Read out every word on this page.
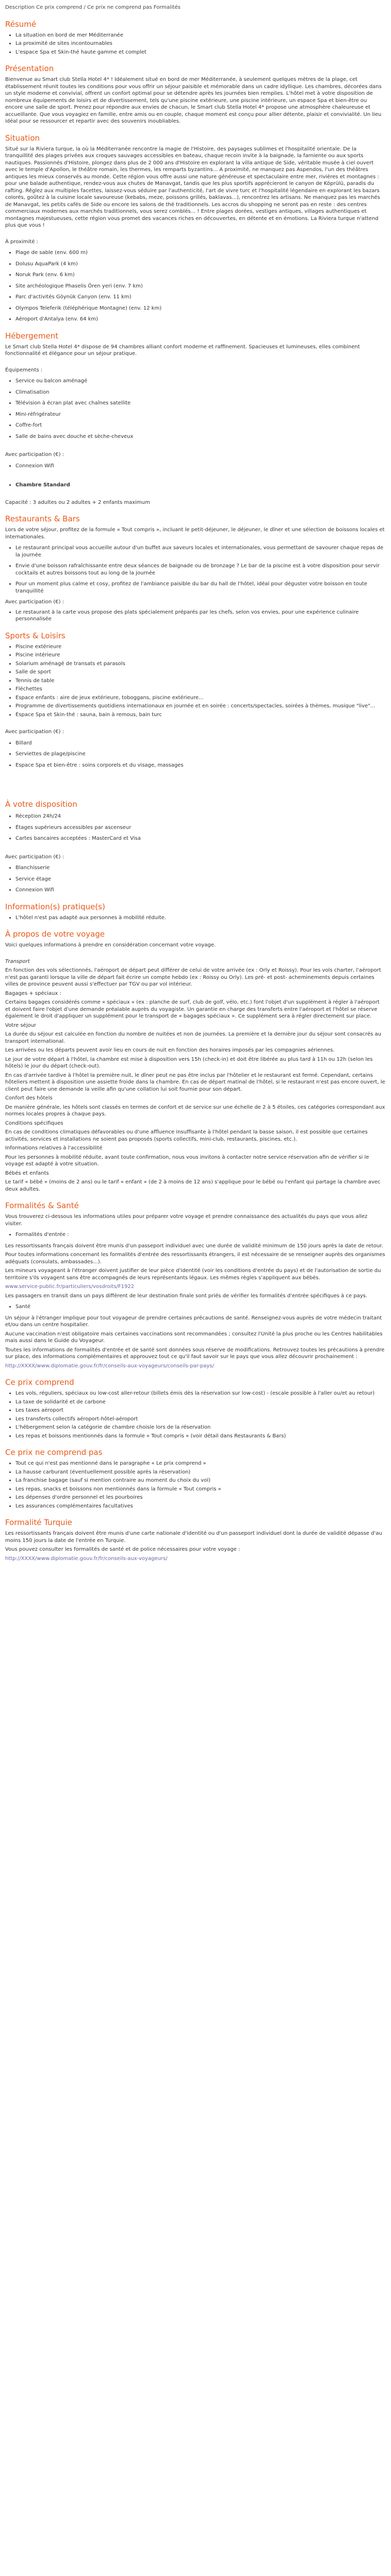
Description Ce prix comprend / Ce prix ne comprend pas Formalités

Résumé
• La situation en bord de mer Méditerranée
• La proximité de sites incontournables
• L'espace Spa et Skin-thé haute gamme et complet
Présentation

Bienvenue au Smart club Stella Hotel 4* ! Idéalement situé en bord de mer Méditerranée, à seulement quelques mètres de la plage, cet établissement réunit toutes les conditions pour vous offrir un séjour paisible et mémorable dans un cadre idyllique. Les chambres, décorées dans un style moderne et convivial, offrent un confort optimal pour se détendre après les journées bien remplies. L'hôtel met à votre disposition de nombreux équipements de loisirs et de divertissement, tels qu'une piscine extérieure, une piscine intérieure, un espace Spa et bien-être ou encore une salle de sport. Prenez pour répondre aux envies de chacun, le Smart club Stella Hotel 4* propose une atmosphère chaleureuse et accueillante. Que vous voyagiez en famille, entre amis ou en couple, chaque moment est conçu pour allier détente, plaisir et convivialité. Un lieu idéal pour se ressourcer et repartir avec des souvenirs inoubliables.

Situation

Situé sur la Riviera turque, la où la Méditerranée rencontre la magie de l'Histoire, des paysages sublimes et l'hospitalité orientale. De la tranquillité des plages privées aux croques sauvages accessibles en bateau, chaque recoin invite à la baignade, la farniente ou aux sports nautiques. Passionnés d'Histoire, plongez dans plus de 2 000 ans d'Histoire en explorant la villa antique de Side, véritable musée à ciel ouvert avec le temple d'Apollon, le théâtre romain, les thermes, les remparts byzantins... A proximité, ne manquez pas Aspendos, l'un des théâtres antiques les mieux conservés au monde. Cette région vous offre aussi une nature généreuse et spectaculaire entre mer, rivières et montagnes : pour une balade authentique, rendez-vous aux chutes de Manavgat, tandis que les plus sportifs apprécieront le canyon de Köprülü, paradis du rafting. Rêglez aux multiples facettes, laissez-vous séduire par l'authenticité, l'art de vivre turc et l'hospitalité légendaire en explorant les bazars colorés, goûtez à la cuisine locale savoureuse (kebabs, meze, poissons grillés, baklavas...), rencontrez les artisans. Ne manquez pas les marchés de Manavgat, les petits cafés de Side ou encore les salons de thé traditionnels. Les accros du shopping ne seront pas en reste : des centres commerciaux modernes aux marchés traditionnels, vous serez comblés... ! Entre plages dorées, vestiges antiques, villages authentiques et montagnes majestueuses, cette région vous promet des vacances riches en découvertes, en détente et en émotions. La Riviera turque n'attend plus que vous !

À proximité :

• Plage de sable (env. 600 m)
• Dolusu AquaPark (4 km)
• Noruk Park (env. 6 km)
• Site archéologique Phaselis Ören yeri (env. 7 km)
• Parc d'activités Göynük Canyon (env. 11 km)
• Olympos Teleferik (téléphérique Montagne) (env. 12 km)
• Aéroport d'Antalya (env. 64 km)
Hébergement

Le Smart club Stella Hotel 4* dispose de 94 chambres alliant confort moderne et raffinement. Spacieuses et lumineuses, elles combinent fonctionnalité et élégance pour un séjour pratique.

Équipements :

• Service ou balcon aménagé
• Climatisation
• Télévision à écran plat avec chaînes satellite
• Mini-réfrigérateur
• Coffre-fort
• Salle de bains avec douche et sèche-cheveux

Avec participation (€) :

• Connexion Wifi
• Chambre Standard

Capacité : 3 adultes ou 2 adultes + 2 enfants maximum

Restaurants & Bars

Lors de votre séjour, profitez de la formule « Tout compris », incluant le petit-déjeuner, le déjeuner, le dîner et une sélection de boissons locales et internationales.

• Le restaurant principal vous accueille autour d'un buffet aux saveurs locales et internationales, vous permettant de savourer chaque repas de la journée
• Envie d'une boisson rafraîchissante entre deux séances de baignade ou de bronzage ? Le bar de la piscine est à votre disposition pour servir cocktails et autres boissons tout au long de la journée
• Pour un moment plus calme et cosy, profitez de l'ambiance paisible du bar du hall de l'hôtel, idéal pour déguster votre boisson en toute tranquillité

Avec participation (€) :

• Le restaurant à la carte vous propose des plats spécialement préparés par les chefs, selon vos envies, pour une expérience culinaire personnalisée
Sports & Loisirs
• Piscine extérieure
• Piscine intérieure
• Solarium aménagé de transats et parasols
• Salle de sport
• Tennis de table
• Fléchettes
• Espace enfants : aire de jeux extérieure, toboggans, piscine extérieure...
• Programme de divertissements quotidiens internationaux en journée et en soirée : concerts/spectacles, soirées à thèmes, musique "live"...
• Espace Spa et Skin-thé : sauna, bain à remous, bain turc

Avec participation (€) :

• Billard
• Serviettes de plage/piscine
• Espace Spa et bien-être : soins corporels et du visage, massages
À votre disposition
• Réception 24h/24
• Étages supérieurs accessibles par ascenseur
• Cartes bancaires acceptées : MasterCard et Visa

Avec participation (€) :

• Blanchisserie
• Service étage
• Connexion Wifi
Information(s) pratique(s)
• L'hôtel n'est pas adapté aux personnes à mobilité réduite.
À propos de votre voyage

Voici quelques informations à prendre en considération concernant votre voyage.

Transport

En fonction des vols sélectionnés, l'aéroport de départ peut différer de celui de votre arrivée (ex : Orly et Roissy). Pour les vols charter, l'aéroport n'est pas garanti lorsque la ville de départ fait écrire un compte hebdo (ex : Roissy ou Orly). Les pré- et post- acheminements depuis certaines villes de province peuvent aussi s'effectuer par TGV ou par vol intérieur.

Bagages + spéciaux :

Certains bagages considérés comme « spéciaux » (ex : planche de surf, club de golf, vélo, etc.) font l'objet d'un supplément à régler à l'aéroport et doivent faire l'objet d'une demande préalable auprès du voyagiste. Un garantie en charge des transferts entre l'aéroport et l'hôtel se réserve également le droit d'appliquer un supplément pour le transport de « bagages spéciaux ». Ce supplément sera à régler directement sur place.

Votre séjour

La durée du séjour est calculée en fonction du nombre de nuitées et non de journées. La première et la dernière jour du séjour sont consacrés au transport international.

Les arrivées ou les départs peuvent avoir lieu en cours de nuit en fonction des horaires imposés par les compagnies aériennes.

Le jour de votre départ à l'hôtel, la chambre est mise à disposition vers 15h (check-in) et doit être libérée au plus tard à 11h ou 12h (selon les hôtels) le jour du départ (check-out).

En cas d'arrivée tardive à l'hôtel la première nuit, le dîner peut ne pas être inclus par l'hôtelier et le restaurant est fermé. Cependant, certains hôteliers mettent à disposition une assiette froide dans la chambre. En cas de départ matinal de l'hôtel, si le restaurant n'est pas encore ouvert, le client peut faire une demande la veille afin qu'une collation lui soit fournie pour son départ.

Confort des hôtels

De manière générale, les hôtels sont classés en termes de confort et de service sur une échelle de 2 à 5 étoiles, ces catégories correspondant aux normes locales propres à chaque pays.

Conditions spécifiques

En cas de conditions climatiques défavorables ou d'une affluence insuffisante à l'hôtel pendant la basse saison, il est possible que certaines activités, services et installations ne soient pas proposés (sports collectifs, mini-club, restaurants, piscines, etc.).

Informations relatives à l'accessibilité

Pour les personnes à mobilité réduite, avant toute confirmation, nous vous invitons à contacter notre service réservation afin de vérifier si le voyage est adapté à votre situation.

Bébés et enfants

Le tarif « bébé » (moins de 2 ans) ou le tarif « enfant » (de 2 à moins de 12 ans) s'applique pour le bébé ou l'enfant qui partage la chambre avec deux adultes.

Formalités & Santé

Vous trouverez ci-dessous les informations utiles pour préparer votre voyage et prendre connaissance des actualités du pays que vous allez visiter.

• Formalités d'entrée :

Les ressortissants français doivent être munis d'un passeport individuel avec une durée de validité minimum de 150 jours après la date de retour.

Pour toutes informations concernant les formalités d'entrée des ressortissants étrangers, il est nécessaire de se renseigner auprès des organismes adéquats (consulats, ambassades...).

Les mineurs voyageant à l'étranger doivent justifier de leur pièce d'identité (voir les conditions d'entrée du pays) et de l'autorisation de sortie du territoire s'ils voyagent sans être accompagnés de leurs représentants légaux. Les mêmes règles s'appliquent aux bébés.

www.service-public.fr/particuliers/vosdroits/F1922

Les passagers en transit dans un pays différent de leur destination finale sont priés de vérifier les formalités d'entrée spécifiques à ce pays.

• Santé

Un séjour à l'étranger implique pour tout voyageur de prendre certaines précautions de santé. Renseignez-vous auprès de votre médecin traitant et/ou dans un centre hospitalier.

Aucune vaccination n'est obligatoire mais certaines vaccinations sont recommandées ; consultez l'Unité la plus proche ou les Centres habilitables mais aussi dans le Guide du Voyageur.

Toutes les informations de formalités d'entrée et de santé sont données sous réserve de modifications. Retrouvez toutes les précautions à prendre sur place, des informations complémentaires et approuvez tout ce qu'il faut savoir sur le pays que vous allez découvrir prochainement :

http://XXXX/www.diplomatie.gouv.fr/fr/conseils-aux-voyageurs/conseils-par-pays/

Ce prix comprend
• Les vols, réguliers, spéciaux ou low-cost aller-retour (billets émis dès la réservation sur low-cost) - (escale possible à l'aller ou/et au retour)
• La taxe de solidarité et de carbone
• Les taxes aéroport
• Les transferts collectifs aéroport-hôtel-aéroport
• L'hébergement selon la catégorie de chambre choisie lors de la réservation
• Les repas et boissons mentionnés dans la formule « Tout compris » (voir détail dans Restaurants & Bars)
Ce prix ne comprend pas
• Tout ce qui n'est pas mentionné dans le paragraphe « Le prix comprend »
• La hausse carburant (éventuellement possible après la réservation)
• La franchise bagage (sauf si mention contraire au moment du choix du vol)
• Les repas, snacks et boissons non mentionnés dans la formule « Tout compris »
• Les dépenses d'ordre personnel et les pourboires
• Les assurances complémentaires facultatives
Formalité Turquie

Les ressortissants français doivent être munis d'une carte nationale d'identité ou d'un passeport individuel dont la durée de validité dépasse d'au moins 150 jours la date de l'entrée en Turquie.

Vous pouvez consulter les formalités de santé et de police nécessaires pour votre voyage :

http://XXXX/www.diplomatie.gouv.fr/fr/conseils-aux-voyageurs/
